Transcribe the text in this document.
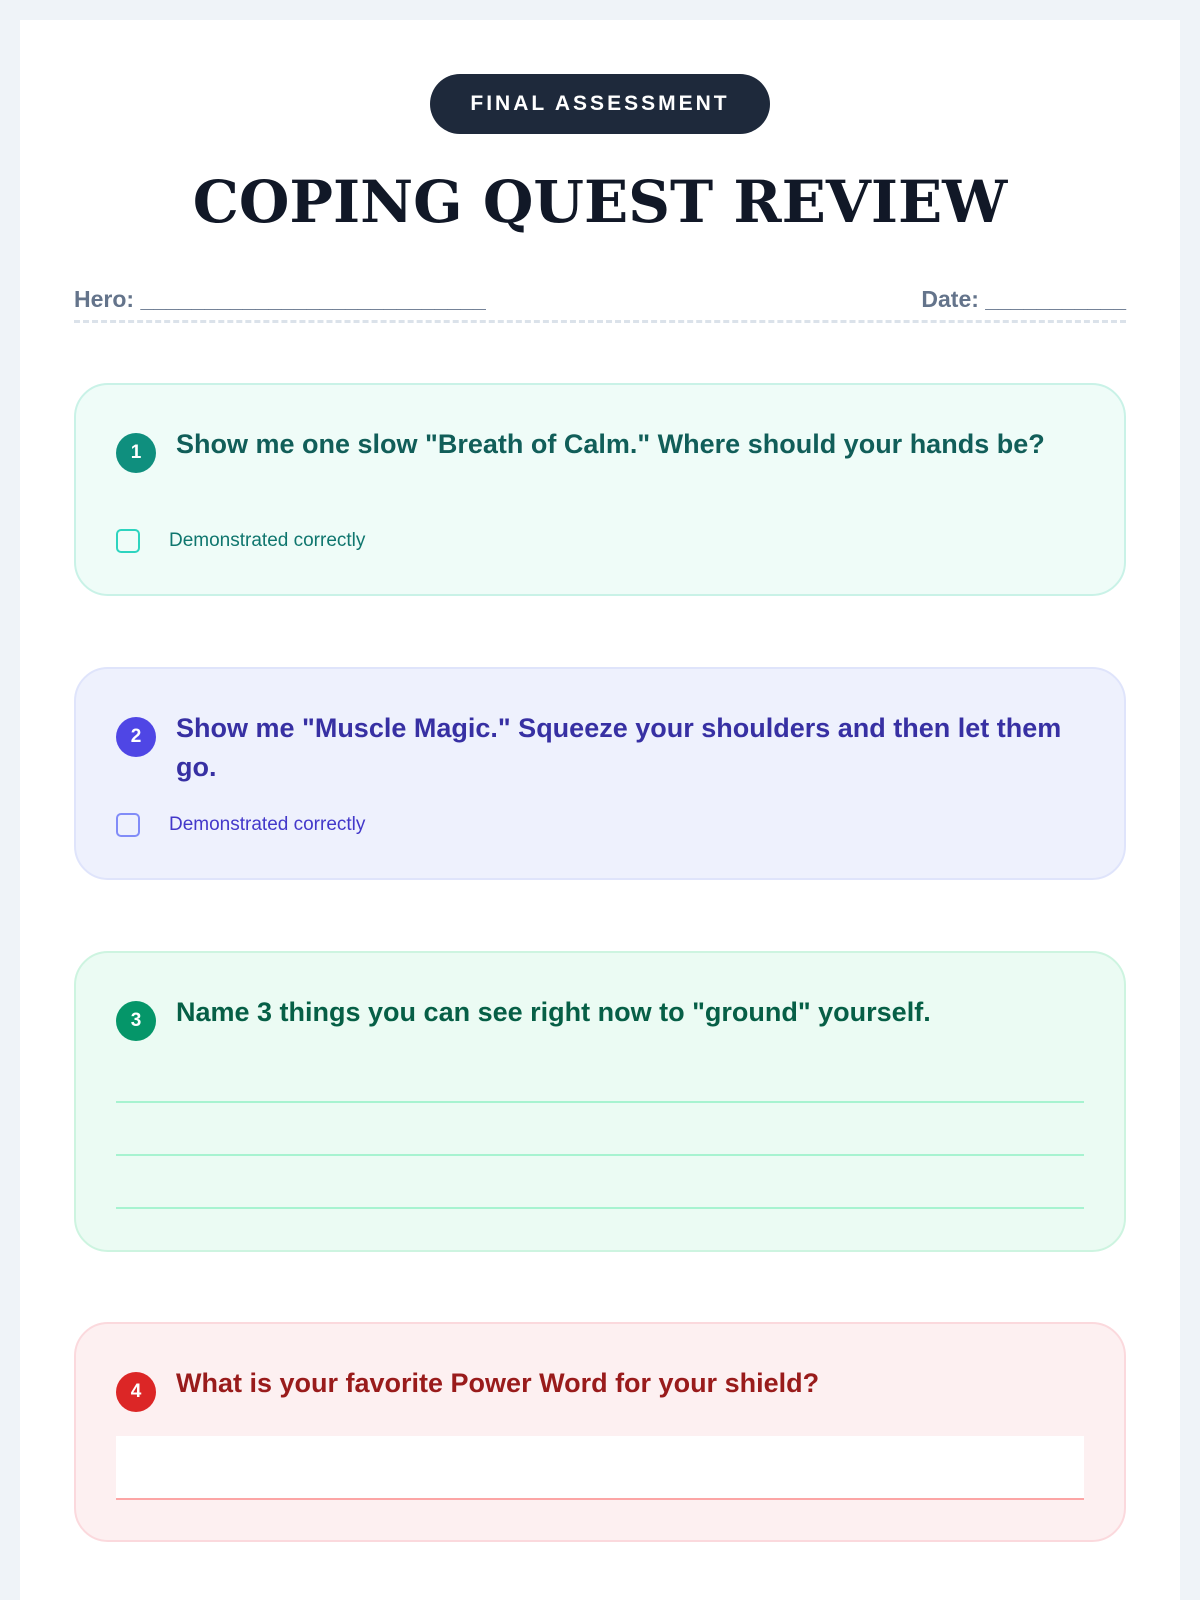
FINAL ASSESSMENT
COPING QUEST REVIEW
Hero: ___________________________	Date: ___________
1	Show me one slow "Breath of Calm." Where should your hands be?
Demonstrated correctly
2	Show me "Muscle Magic." Squeeze your shoulders and then let them go.
Demonstrated correctly
3	Name 3 things you can see right now to "ground" yourself.
4	What is your favorite Power Word for your shield?
